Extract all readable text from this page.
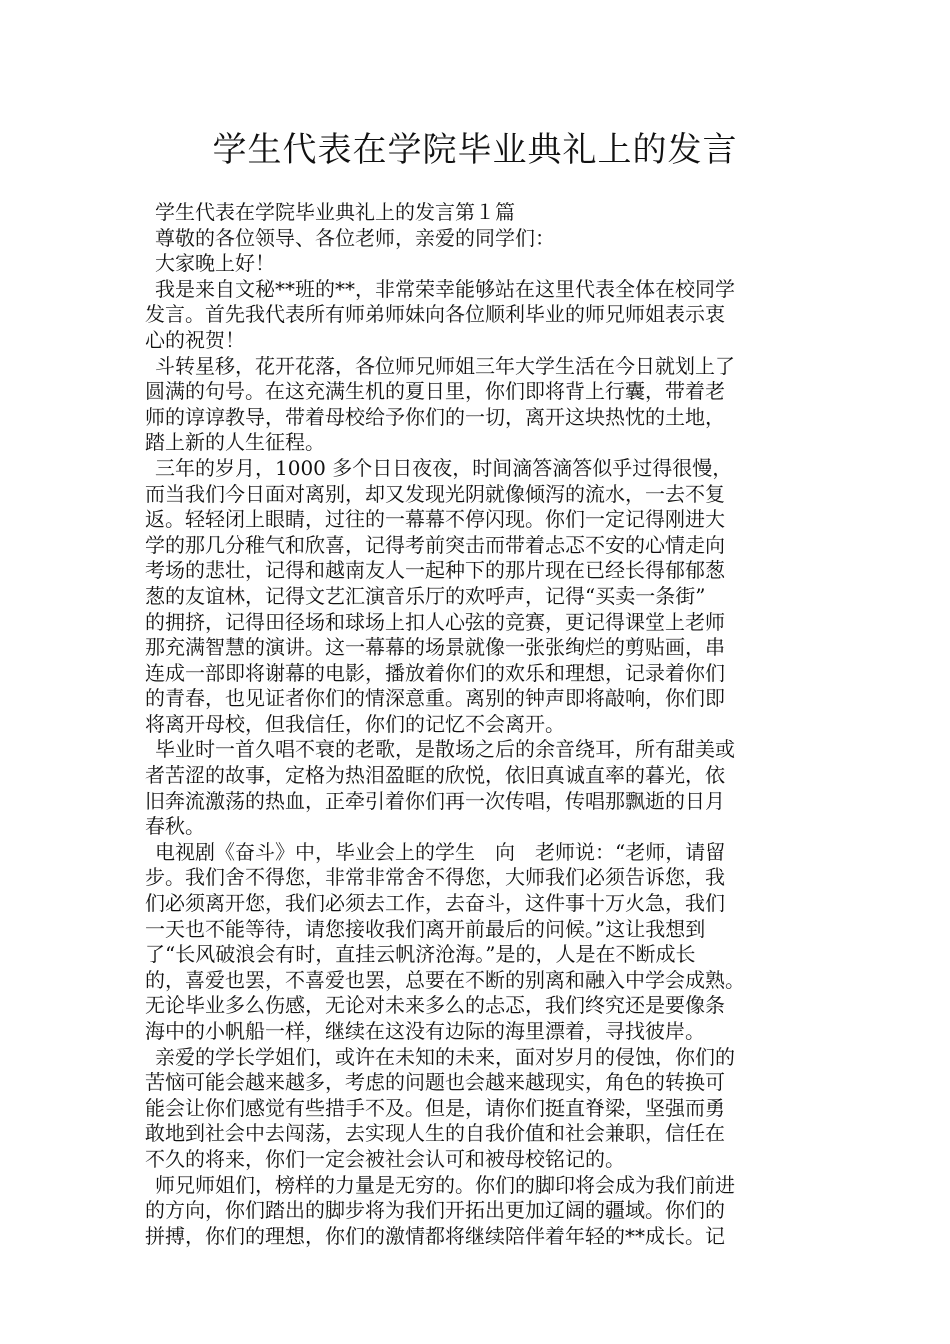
学生代表在学院毕业典礼上的发言
学生代表在学院毕业典礼上的发言第１篇
尊敬的各位领导、各位老师，亲爱的同学们：
大家晚上好！
我是来自文秘**班的**，非常荣幸能够站在这里代表全体在校同学
发言。首先我代表所有师弟师妹向各位顺利毕业的师兄师姐表示衷
心的祝贺！
斗转星移，花开花落，各位师兄师姐三年大学生活在今日就划上了
圆满的句号。在这充满生机的夏日里，你们即将背上行囊，带着老
师的谆谆教导，带着母校给予你们的一切，离开这块热忱的土地，
踏上新的人生征程。
三年的岁月，1000 多个日日夜夜，时间滴答滴答似乎过得很慢，
而当我们今日面对离别，却又发现光阴就像倾泻的流水，一去不复
返。轻轻闭上眼睛，过往的一幕幕不停闪现。你们一定记得刚进大
学的那几分稚气和欣喜，记得考前突击而带着忐忑不安的心情走向
考场的悲壮，记得和越南友人一起种下的那片现在已经长得郁郁葱
葱的友谊林，记得文艺汇演音乐厅的欢呼声，记得“买卖一条街”
的拥挤，记得田径场和球场上扣人心弦的竞赛，更记得课堂上老师
那充满智慧的演讲。这一幕幕的场景就像一张张绚烂的剪贴画，串
连成一部即将谢幕的电影，播放着你们的欢乐和理想，记录着你们
的青春，也见证者你们的情深意重。离别的钟声即将敲响，你们即
将离开母校，但我信任，你们的记忆不会离开。
毕业时一首久唱不衰的老歌，是散场之后的余音绕耳，所有甜美或
者苦涩的故事，定格为热泪盈眶的欣悦，依旧真诚直率的暮光，依
旧奔流激荡的热血，正牵引着你们再一次传唱，传唱那飘逝的日月
春秋。
电视剧《奋斗》中，毕业会上的学生　向　老师说：“老师，请留
步。我们舍不得您，非常非常舍不得您，大师我们必须告诉您，我
们必须离开您，我们必须去工作，去奋斗，这件事十万火急，我们
一天也不能等待，请您接收我们离开前最后的问候。”这让我想到
了“长风破浪会有时，直挂云帆济沧海。”是的，人是在不断成长
的，喜爱也罢，不喜爱也罢，总要在不断的别离和融入中学会成熟。
无论毕业多么伤感，无论对未来多么的忐忑，我们终究还是要像条
海中的小帆船一样，继续在这没有边际的海里漂着，寻找彼岸。
亲爱的学长学姐们，或许在未知的未来，面对岁月的侵蚀，你们的
苦恼可能会越来越多，考虑的问题也会越来越现实，角色的转换可
能会让你们感觉有些措手不及。但是，请你们挺直脊梁，坚强而勇
敢地到社会中去闯荡，去实现人生的自我价值和社会兼职，信任在
不久的将来，你们一定会被社会认可和被母校铭记的。
师兄师姐们，榜样的力量是无穷的。你们的脚印将会成为我们前进
的方向，你们踏出的脚步将为我们开拓出更加辽阔的疆域。你们的
拼搏，你们的理想，你们的激情都将继续陪伴着年轻的**成长。记
